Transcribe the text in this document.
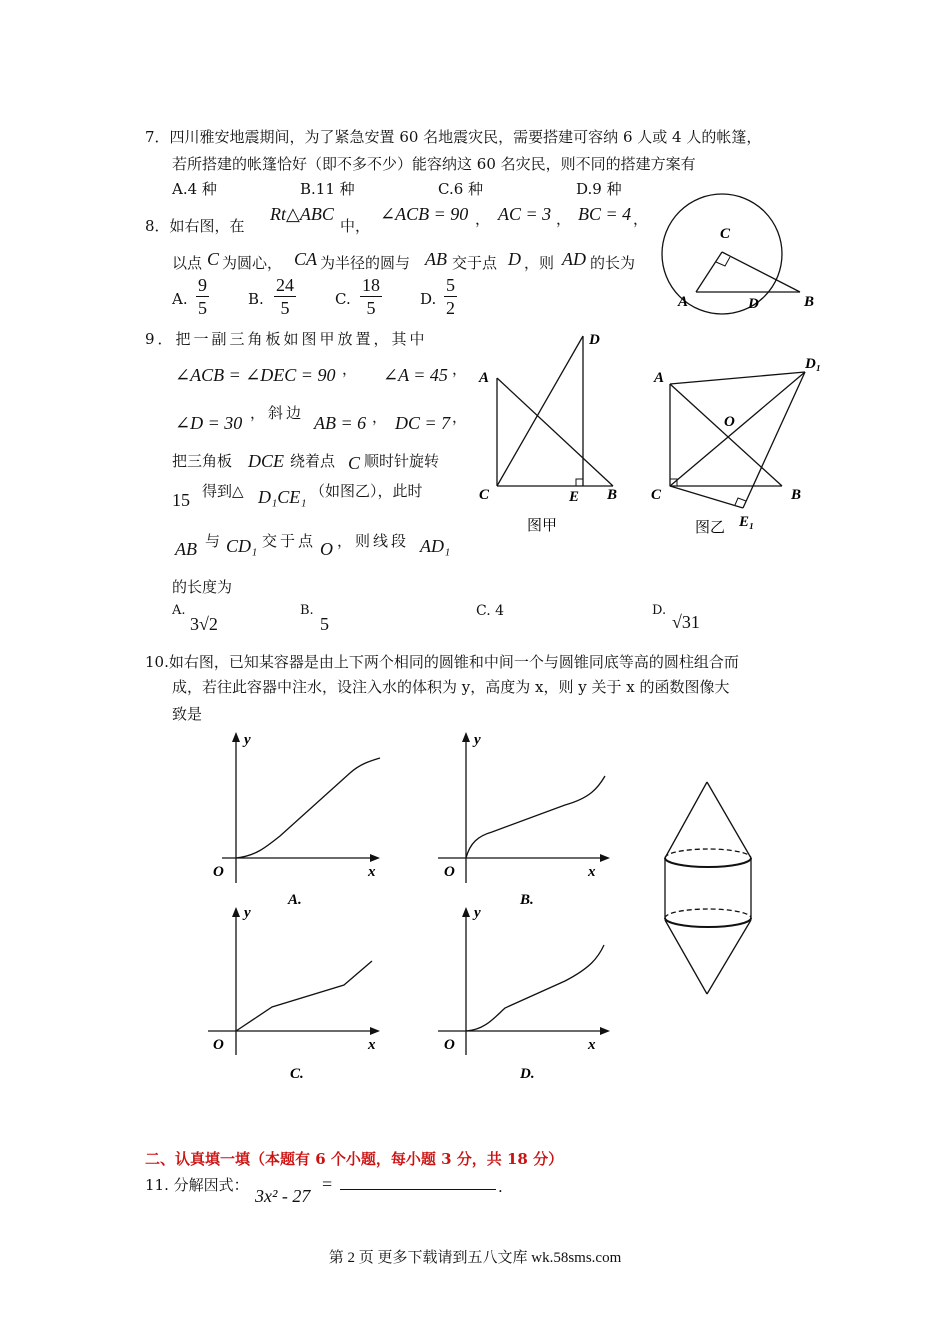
7．四川雅安地震期间，为了紧急安置 60 名地震灾民，需要搭建可容纳 6 人或 4 人的帐篷，
若所搭建的帐篷恰好（即不多不少）能容纳这 60 名灾民，则不同的搭建方案有
A.4 种	B.11 种	C.6 种	D.9 种
8．如右图，在
Rt△ABC
中，
∠ACB = 90 ， AC = 3 ， BC = 4 ，
以点 C 为圆心， CA 为半径的圆与 AB 交于点 D ，则 AD 的长为
A. $\frac{9}{5}$	B. $\frac{24}{5}$	C. $\frac{18}{5}$	D. $\frac{5}{2}$
C
A	D	B
9．把一副三角板如图甲放置，其中
∠ACB = ∠DEC = 90 ， ∠A = 45 ，
∠D = 30 ，斜边 AB = 6 ， DC = 7 ，
把三角板 DCE 绕着点 C 顺时针旋转
15 得到△ D₁CE₁ （如图乙），此时
AB 与 CD₁ 交于点 O ，则线段 AD₁
的长度为
A.
3√2
B.
5
C. 4	D.
√31
D
A
C	E B
图甲
A
D₁
O
C	B
E₁
图乙
10.如右图，已知某容器是由上下两个相同的圆锥和中间一个与圆锥同底等高的圆柱组合而
成，若往此容器中注水，设注入水的体积为 y，高度为 x，则 y 关于 x 的函数图像大
致是
y
x
O
A.
y
x
O
B.
y
x
O
C.
y
x
O
D.
二、认真填一填（本题有 6 个小题，每小题 3 分，共 18 分）
11. 分解因式：
3x² - 27
=	.
第 2 页 更多下载请到五八文库 wk.58sms.com
